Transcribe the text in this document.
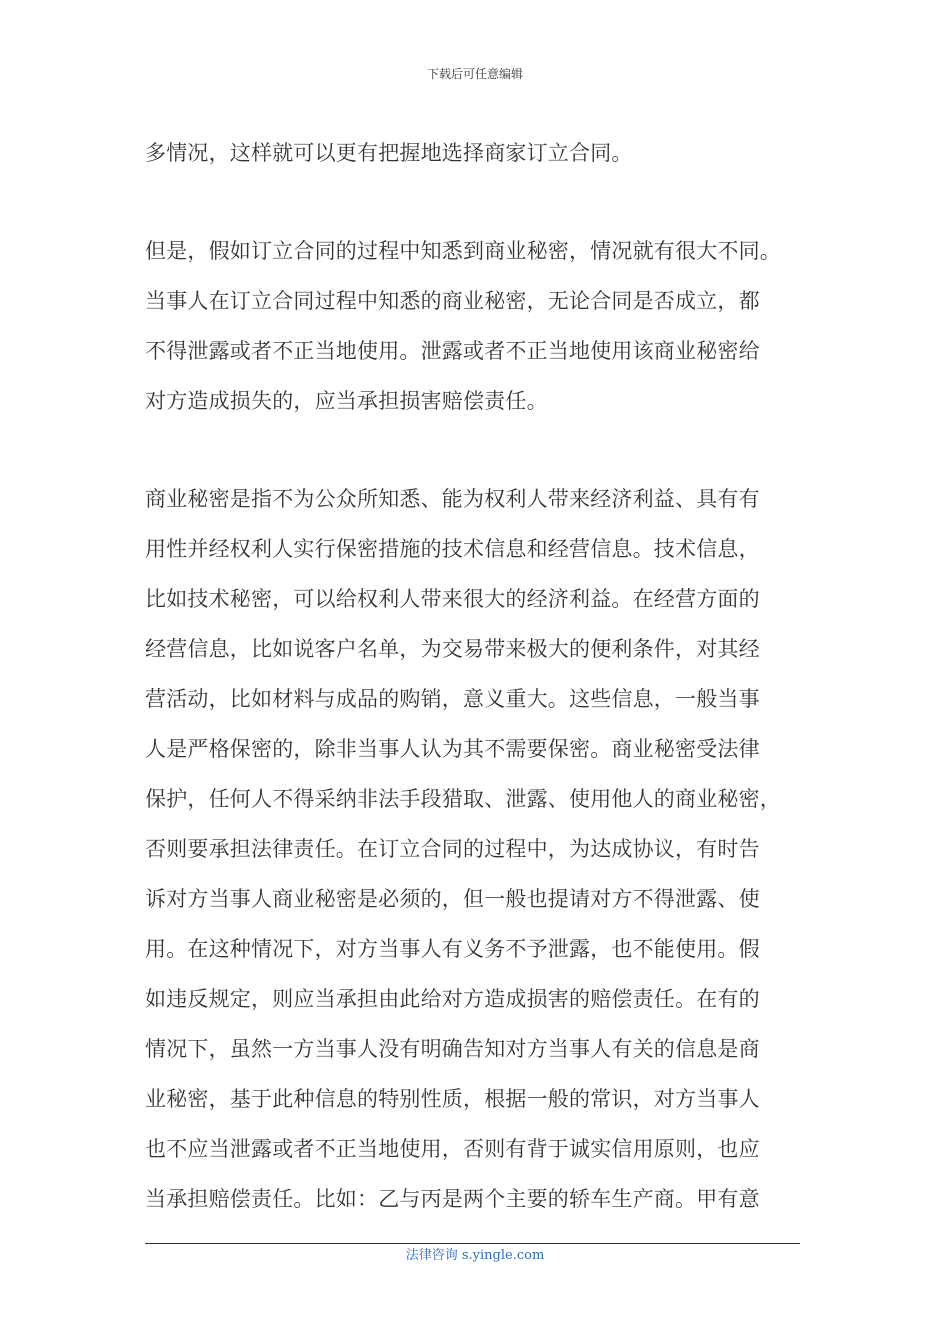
下载后可任意编辑
多情况，这样就可以更有把握地选择商家订立合同。
但是，假如订立合同的过程中知悉到商业秘密，情况就有很大不同。
当事人在订立合同过程中知悉的商业秘密，无论合同是否成立，都
不得泄露或者不正当地使用。泄露或者不正当地使用该商业秘密给
对方造成损失的，应当承担损害赔偿责任。
商业秘密是指不为公众所知悉、能为权利人带来经济利益、具有有
用性并经权利人实行保密措施的技术信息和经营信息。技术信息，
比如技术秘密，可以给权利人带来很大的经济利益。在经营方面的
经营信息，比如说客户名单，为交易带来极大的便利条件，对其经
营活动，比如材料与成品的购销，意义重大。这些信息，一般当事
人是严格保密的，除非当事人认为其不需要保密。商业秘密受法律
保护，任何人不得采纳非法手段猎取、泄露、使用他人的商业秘密，
否则要承担法律责任。在订立合同的过程中，为达成协议，有时告
诉对方当事人商业秘密是必须的，但一般也提请对方不得泄露、使
用。在这种情况下，对方当事人有义务不予泄露，也不能使用。假
如违反规定，则应当承担由此给对方造成损害的赔偿责任。在有的
情况下，虽然一方当事人没有明确告知对方当事人有关的信息是商
业秘密，基于此种信息的特别性质，根据一般的常识，对方当事人
也不应当泄露或者不正当地使用，否则有背于诚实信用原则，也应
当承担赔偿责任。比如：乙与丙是两个主要的轿车生产商。甲有意
法律咨询 s.yingle.com
